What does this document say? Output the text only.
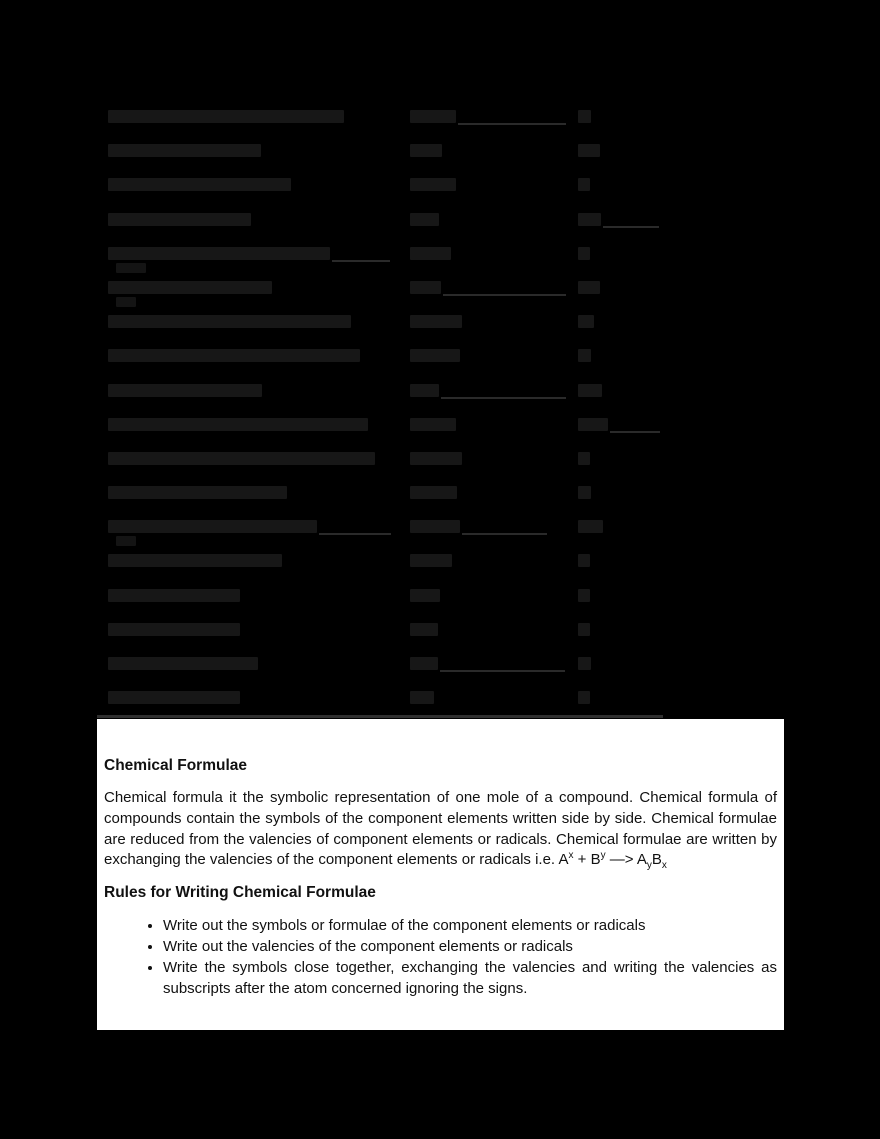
Chemical Formulae

Chemical formula it the symbolic representation of one mole of a compound. Chemical formula of compounds contain the symbols of the component elements written side by side. Chemical formulae are reduced from the valencies of component elements or radicals. Chemical formulae are written by exchanging the valencies of the component elements or radicals i.e. $A^x + B^y$ —> $A_yB_x$

Rules for Writing Chemical Formulae
• Write out the symbols or formulae of the component elements or radicals
• Write out the valencies of the component elements or radicals
• Write the symbols close together, exchanging the valencies and writing the valencies as subscripts after the atom concerned ignoring the signs.
